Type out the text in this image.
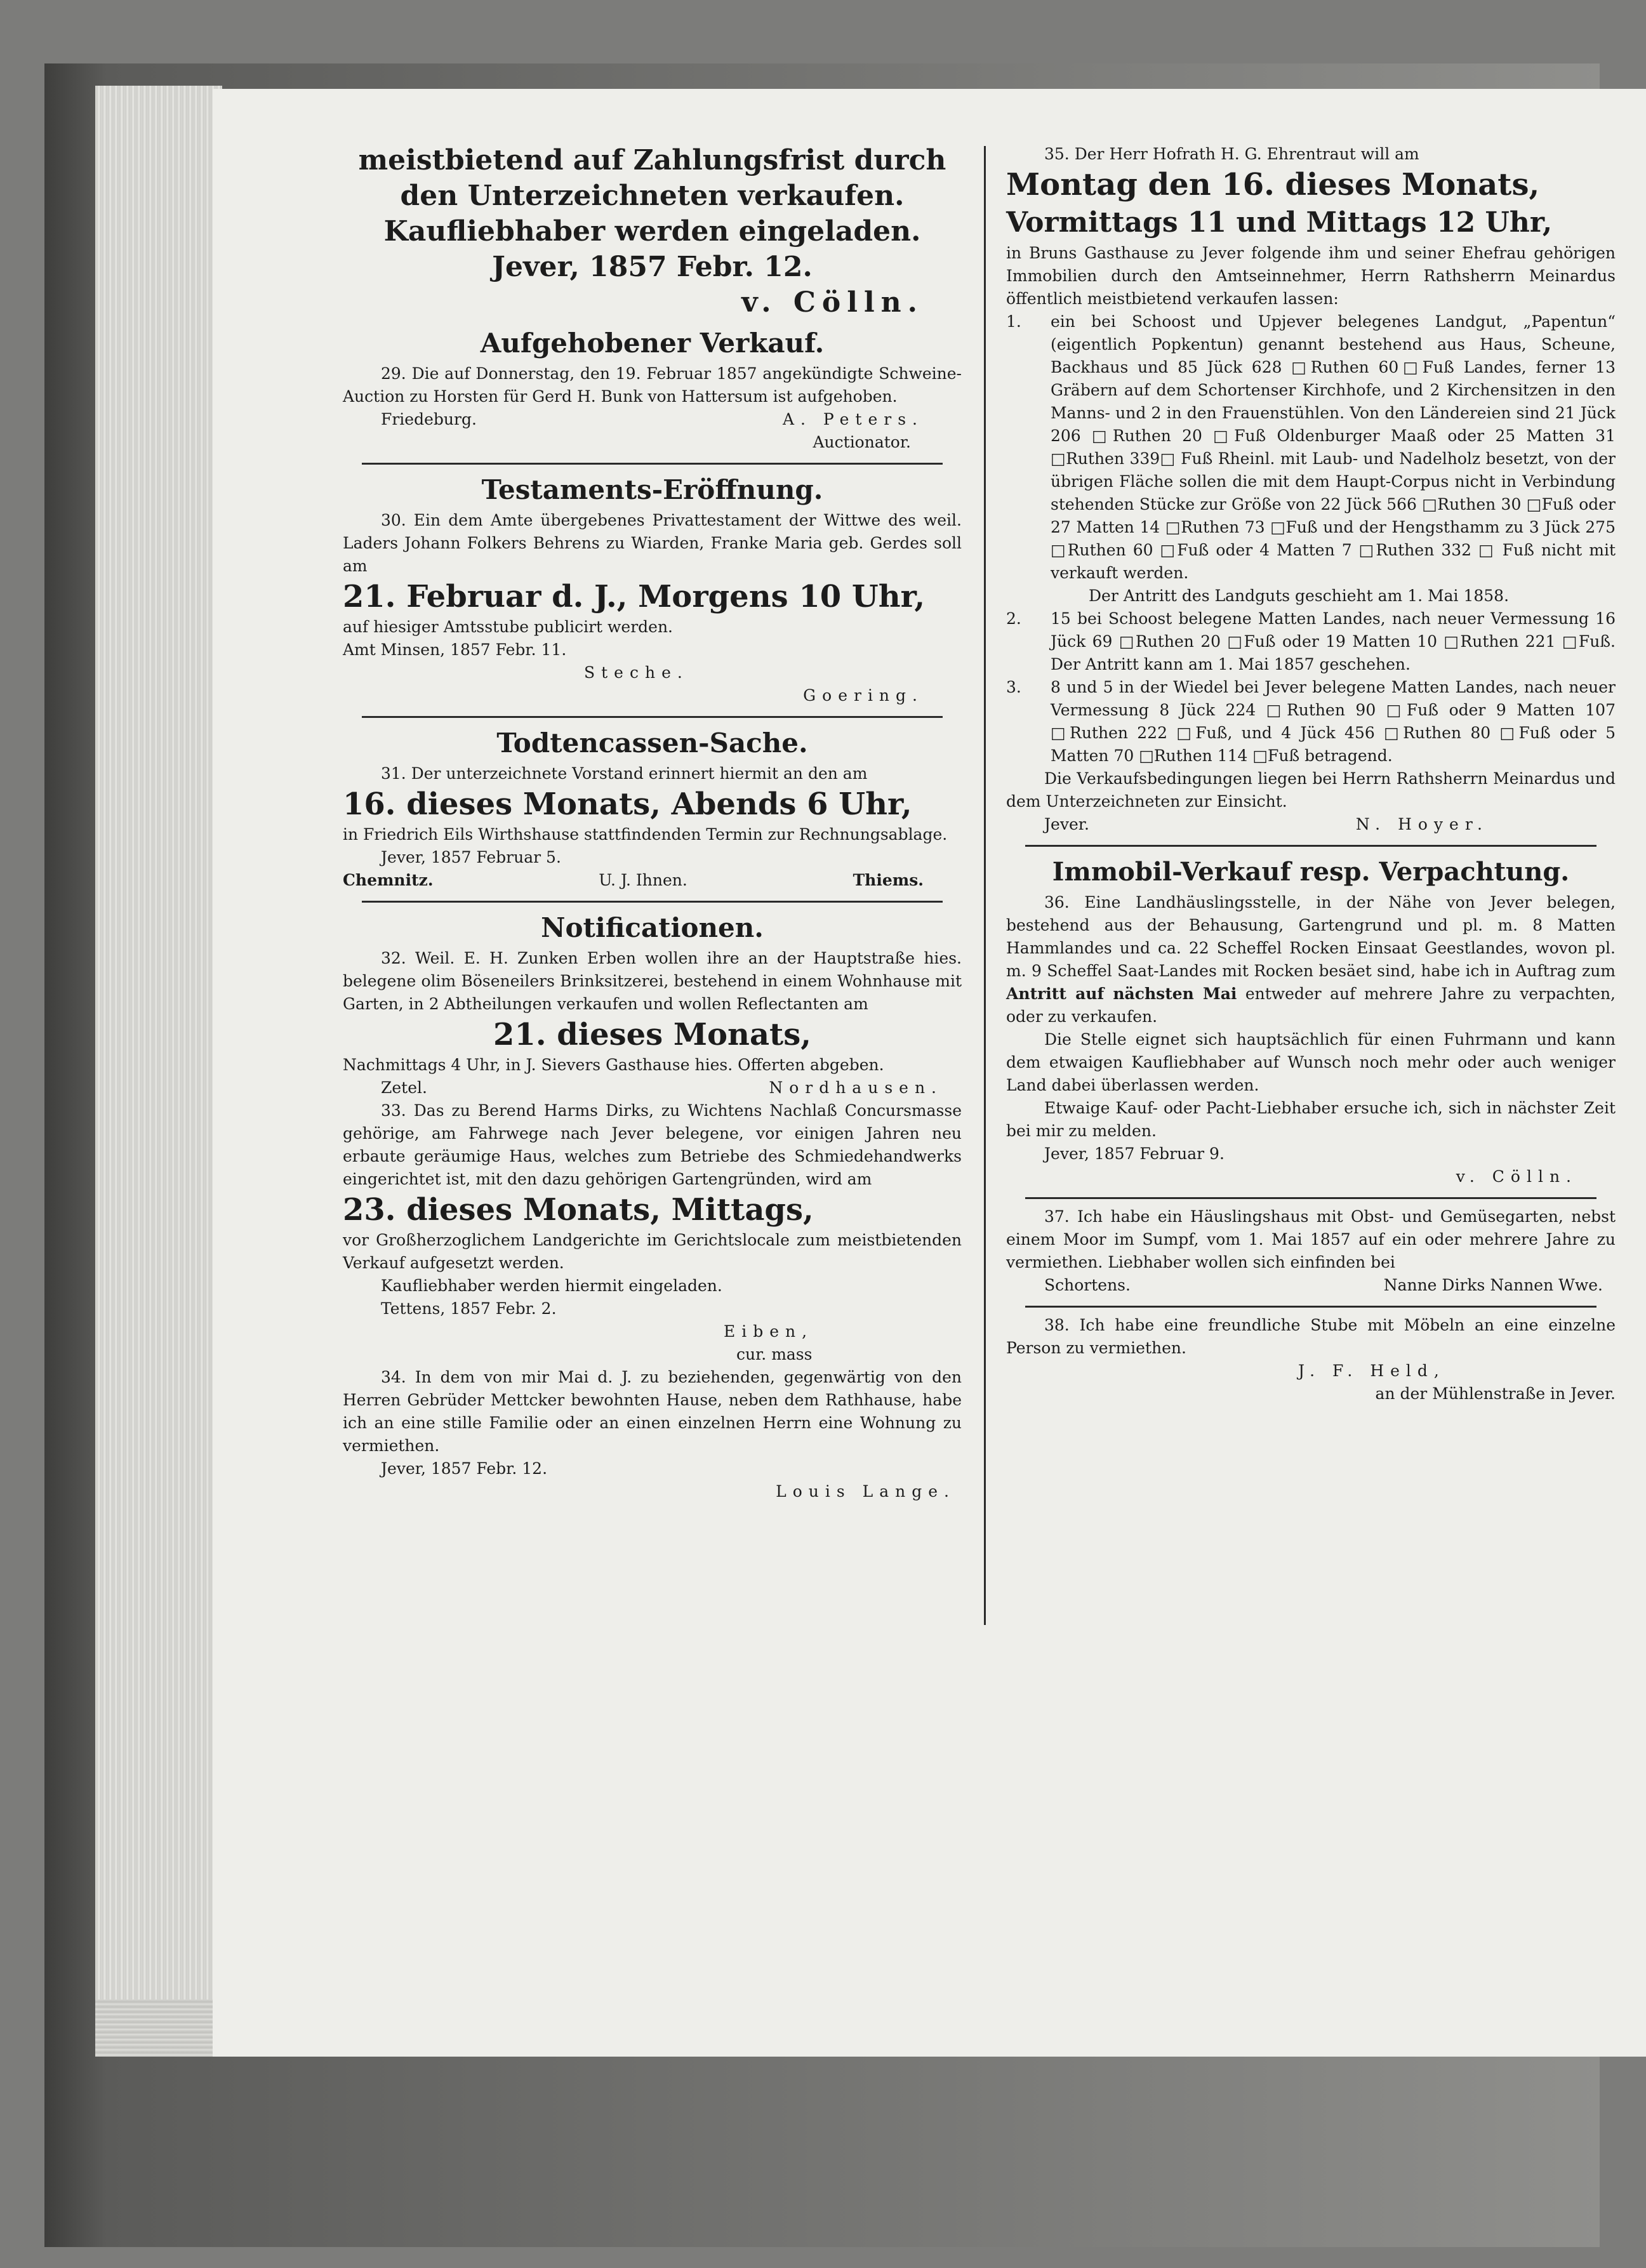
meistbietend auf Zahlungsfrist durch

den Unterzeichneten verkaufen.

Kaufliebhaber werden eingeladen.

Jever, 1857 Febr. 12.

v. Cölln.

Aufgehobener Verkauf.

29. Die auf Donnerstag, den 19. Februar 1857 angekündigte Schweine-Auction zu Horsten für Gerd H. Bunk von Hattersum ist aufgehoben.

Friedeburg.	A. Peters.

Auctionator.

Testaments-Eröffnung.

30. Ein dem Amte übergebenes Privattestament der Wittwe des weil. Laders Johann Folkers Behrens zu Wiarden, Franke Maria geb. Gerdes soll am

21. Februar d. J., Morgens 10 Uhr,

auf hiesiger Amtsstube publicirt werden.

Amt Minsen, 1857 Febr. 11.

Steche.

Goering.

Todtencassen-Sache.

31. Der unterzeichnete Vorstand erinnert hiermit an den am

16. dieses Monats, Abends 6 Uhr,

in Friedrich Eils Wirthshause stattfindenden Termin zur Rechnungsablage.

Jever, 1857 Februar 5.

Chemnitz.	U. J. Ihnen.	Thiems.

Notificationen.

32. Weil. E. H. Zunken Erben wollen ihre an der Hauptstraße hies. belegene olim Böseneilers Brinksitzerei, bestehend in einem Wohnhause mit Garten, in 2 Abtheilungen verkaufen und wollen Reflectanten am

21. dieses Monats,

Nachmittags 4 Uhr, in J. Sievers Gasthause hies. Offerten abgeben.

Zetel.	Nordhausen.

33. Das zu Berend Harms Dirks, zu Wichtens Nachlaß Concursmasse gehörige, am Fahrwege nach Jever belegene, vor einigen Jahren neu erbaute geräumige Haus, welches zum Betriebe des Schmiedehandwerks eingerichtet ist, mit den dazu gehörigen Gartengründen, wird am

23. dieses Monats, Mittags,

vor Großherzoglichem Landgerichte im Gerichtslocale zum meistbietenden Verkauf aufgesetzt werden.

Kaufliebhaber werden hiermit eingeladen.

Tettens, 1857 Febr. 2.

Eiben,

cur. mass

34. In dem von mir Mai d. J. zu beziehenden, gegenwärtig von den Herren Gebrüder Mettcker bewohnten Hause, neben dem Rathhause, habe ich an eine stille Familie oder an einen einzelnen Herrn eine Wohnung zu vermiethen.

Jever, 1857 Febr. 12.

Louis Lange.

35. Der Herr Hofrath H. G. Ehrentraut will am

Montag den 16. dieses Monats,

Vormittags 11 und Mittags 12 Uhr,

in Bruns Gasthause zu Jever folgende ihm und seiner Ehefrau gehörigen Immobilien durch den Amtseinnehmer, Herrn Rathsherrn Meinardus öffentlich meistbietend verkaufen lassen:

1.	ein bei Schoost und Upjever belegenes Landgut, „Papentun“ (eigentlich Popkentun) genannt bestehend aus Haus, Scheune, Backhaus und 85 Jück 628 □Ruthen 60□Fuß Landes, ferner 13 Gräbern auf dem Schortenser Kirchhofe, und 2 Kirchensitzen in den Manns- und 2 in den Frauenstühlen. Von den Ländereien sind 21 Jück 206 □Ruthen 20 □Fuß Oldenburger Maaß oder 25 Matten 31 □Ruthen 339□ Fuß Rheinl. mit Laub- und Nadelholz besetzt, von der übrigen Fläche sollen die mit dem Haupt-Corpus nicht in Verbindung stehenden Stücke zur Größe von 22 Jück 566 □Ruthen 30 □Fuß oder 27 Matten 14 □Ruthen 73 □Fuß und der Hengsthamm zu 3 Jück 275 □Ruthen 60 □Fuß oder 4 Matten 7 □Ruthen 332 □ Fuß nicht mit verkauft werden.

Der Antritt des Landguts geschieht am 1. Mai 1858.

2.	15 bei Schoost belegene Matten Landes, nach neuer Vermessung 16 Jück 69 □Ruthen 20 □Fuß oder 19 Matten 10 □Ruthen 221 □Fuß. Der Antritt kann am 1. Mai 1857 geschehen.

3.	8 und 5 in der Wiedel bei Jever belegene Matten Landes, nach neuer Vermessung 8 Jück 224 □Ruthen 90 □Fuß oder 9 Matten 107 □Ruthen 222 □Fuß, und 4 Jück 456 □Ruthen 80 □Fuß oder 5 Matten 70 □Ruthen 114 □Fuß betragend.

Die Verkaufsbedingungen liegen bei Herrn Rathsherrn Meinardus und dem Unterzeichneten zur Einsicht.

Jever.	N. Hoyer.

Immobil-Verkauf resp. Verpachtung.

36. Eine Landhäuslingsstelle, in der Nähe von Jever belegen, bestehend aus der Behausung, Gartengrund und pl. m. 8 Matten Hammlandes und ca. 22 Scheffel Rocken Einsaat Geestlandes, wovon pl. m. 9 Scheffel Saat-Landes mit Rocken besäet sind, habe ich in Auftrag zum Antritt auf nächsten Mai entweder auf mehrere Jahre zu verpachten, oder zu verkaufen.

Die Stelle eignet sich hauptsächlich für einen Fuhrmann und kann dem etwaigen Kaufliebhaber auf Wunsch noch mehr oder auch weniger Land dabei überlassen werden.

Etwaige Kauf- oder Pacht-Liebhaber ersuche ich, sich in nächster Zeit bei mir zu melden.

Jever, 1857 Februar 9.

v. Cölln.

37. Ich habe ein Häuslingshaus mit Obst- und Gemüsegarten, nebst einem Moor im Sumpf, vom 1. Mai 1857 auf ein oder mehrere Jahre zu vermiethen. Liebhaber wollen sich einfinden bei

Schortens.	Nanne Dirks Nannen Wwe.

38. Ich habe eine freundliche Stube mit Möbeln an eine einzelne Person zu vermiethen.

J. F. Held,

an der Mühlenstraße in Jever.
